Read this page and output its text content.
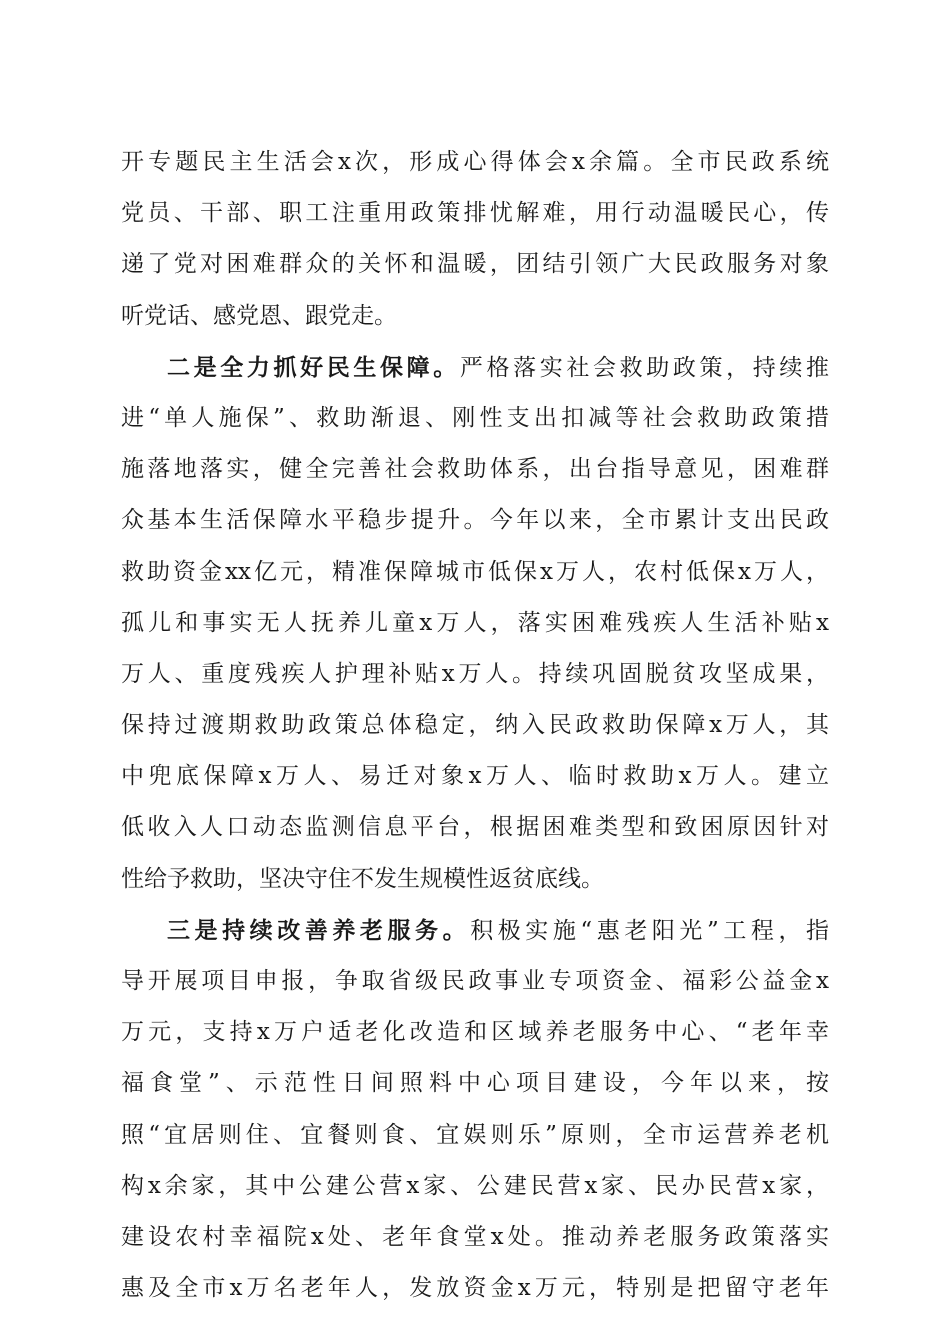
开专题民主生活会x次，形成心得体会x余篇。全市民政系统
党员、干部、职工注重用政策排忧解难，用行动温暖民心，传
递了党对困难群众的关怀和温暖，团结引领广大民政服务对象
听党话、感党恩、跟党走。
二是全力抓好民生保障。严格落实社会救助政策，持续推
进“单人施保”、救助渐退、刚性支出扣减等社会救助政策措
施落地落实，健全完善社会救助体系，出台指导意见，困难群
众基本生活保障水平稳步提升。今年以来，全市累计支出民政
救助资金xx亿元，精准保障城市低保x万人，农村低保x万人，
孤儿和事实无人抚养儿童x万人，落实困难残疾人生活补贴x
万人、重度残疾人护理补贴x万人。持续巩固脱贫攻坚成果，
保持过渡期救助政策总体稳定，纳入民政救助保障x万人，其
中兜底保障x万人、易迁对象x万人、临时救助x万人。建立
低收入人口动态监测信息平台，根据困难类型和致困原因针对
性给予救助，坚决守住不发生规模性返贫底线。
三是持续改善养老服务。积极实施“惠老阳光”工程，指
导开展项目申报，争取省级民政事业专项资金、福彩公益金x
万元，支持x万户适老化改造和区域养老服务中心、“老年幸
福食堂”、示范性日间照料中心项目建设，今年以来，按
照“宜居则住、宜餐则食、宜娱则乐”原则，全市运营养老机
构x余家，其中公建公营x家、公建民营x家、民办民营x家，
建设农村幸福院x处、老年食堂x处。推动养老服务政策落实
惠及全市x万名老年人，发放资金x万元，特别是把留守老年
